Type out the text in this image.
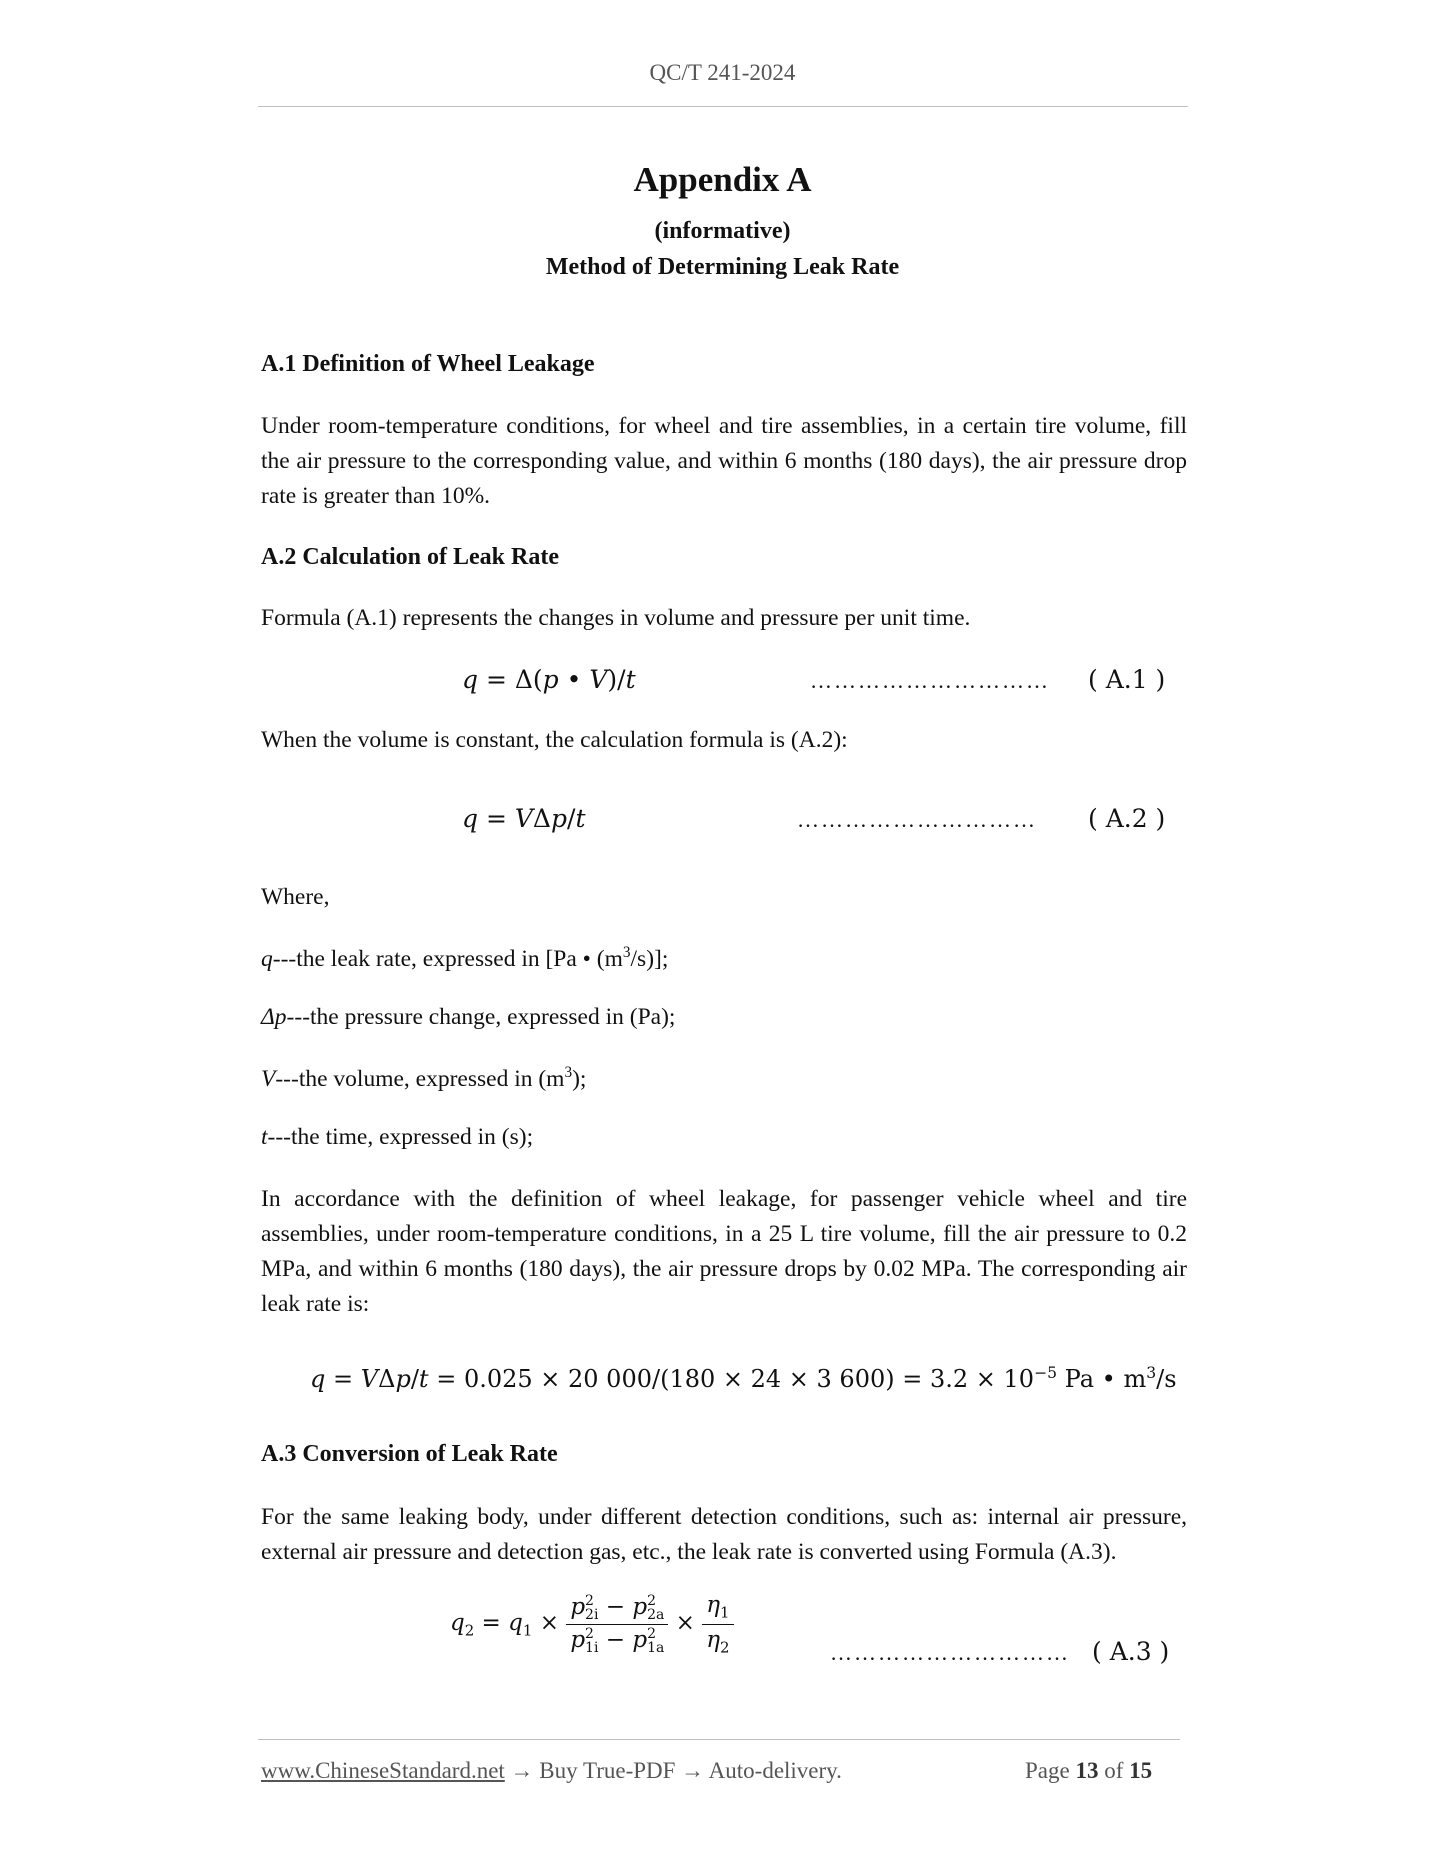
QC/T 241-2024
Appendix A
(informative)
Method of Determining Leak Rate
A.1 Definition of Wheel Leakage

Under room-temperature conditions, for wheel and tire assemblies, in a certain tire volume, fill the air pressure to the corresponding value, and within 6 months (180 days), the air pressure drop rate is greater than 10%.

A.2 Calculation of Leak Rate
Formula (A.1) represents the changes in volume and pressure per unit time.
q = Δ(p • V)/t	………………………… ( A.1 )
When the volume is constant, the calculation formula is (A.2):
q = VΔp/t	………………………… ( A.2 )
Where,
q---the leak rate, expressed in [Pa • $(m^3/s)$];
Δp---the pressure change, expressed in (Pa);
V---the volume, expressed in $(m^3)$;
t---the time, expressed in (s);

In accordance with the definition of wheel leakage, for passenger vehicle wheel and tire assemblies, under room-temperature conditions, in a 25 L tire volume, fill the air pressure to 0.2 MPa, and within 6 months (180 days), the air pressure drops by 0.02 MPa. The corresponding air leak rate is:

q = VΔp/t = 0.025 × 20 000/(180 × 24 × 3 $600) = 3.2 \times 10^{-5}$ Pa • $m^3/s$
A.3 Conversion of Leak Rate

For the same leaking body, under different detection conditions, such as: internal air pressure, external air pressure and detection gas, etc., the leak rate is converted using Formula (A.3).

$q_2 = q_1 \times p$ 2
2i − p 2
2a
p 2
1i − p 2
$1a \times \frac{\eta_1}{\eta_2}$	………………………… ( A.3 )
www.ChineseStandard.net → Buy True-PDF → Auto-delivery.	Page 13 of 15
